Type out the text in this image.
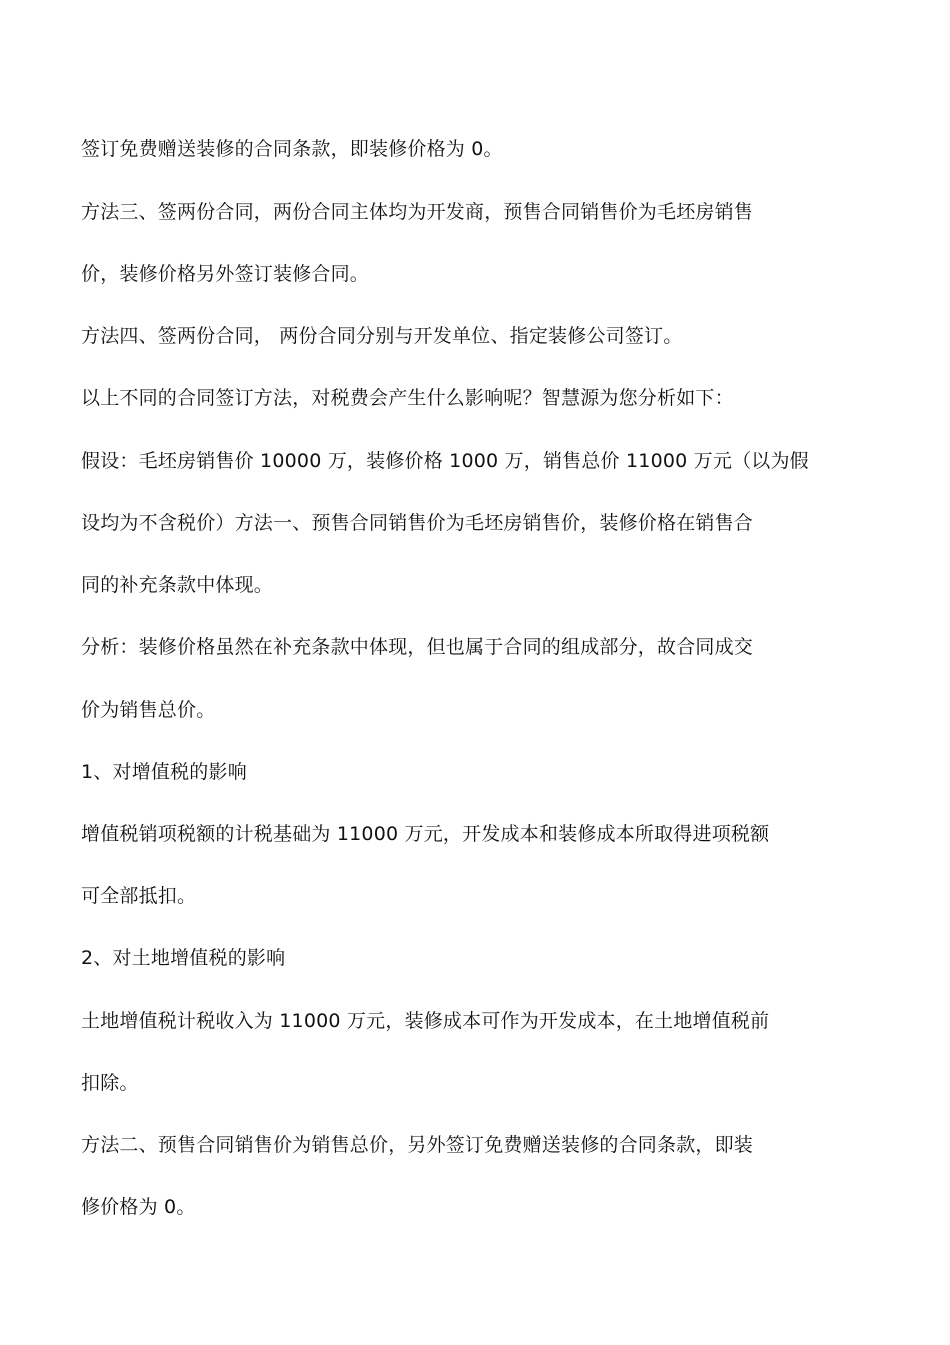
签订免费赠送装修的合同条款，即装修价格为 0。
方法三、签两份合同，两份合同主体均为开发商，预售合同销售价为毛坯房销售
价，装修价格另外签订装修合同。
方法四、签两份合同， 两份合同分别与开发单位、指定装修公司签订。
以上不同的合同签订方法，对税费会产生什么影响呢？智慧源为您分析如下：
假设：毛坯房销售价 10000 万，装修价格 1000 万，销售总价 11000 万元（以为假
设均为不含税价）方法一、预售合同销售价为毛坯房销售价，装修价格在销售合
同的补充条款中体现。
分析：装修价格虽然在补充条款中体现，但也属于合同的组成部分，故合同成交
价为销售总价。
1、对增值税的影响
增值税销项税额的计税基础为 11000 万元，开发成本和装修成本所取得进项税额
可全部抵扣。
2、对土地增值税的影响
土地增值税计税收入为 11000 万元，装修成本可作为开发成本，在土地增值税前
扣除。
方法二、预售合同销售价为销售总价，另外签订免费赠送装修的合同条款，即装
修价格为 0。
